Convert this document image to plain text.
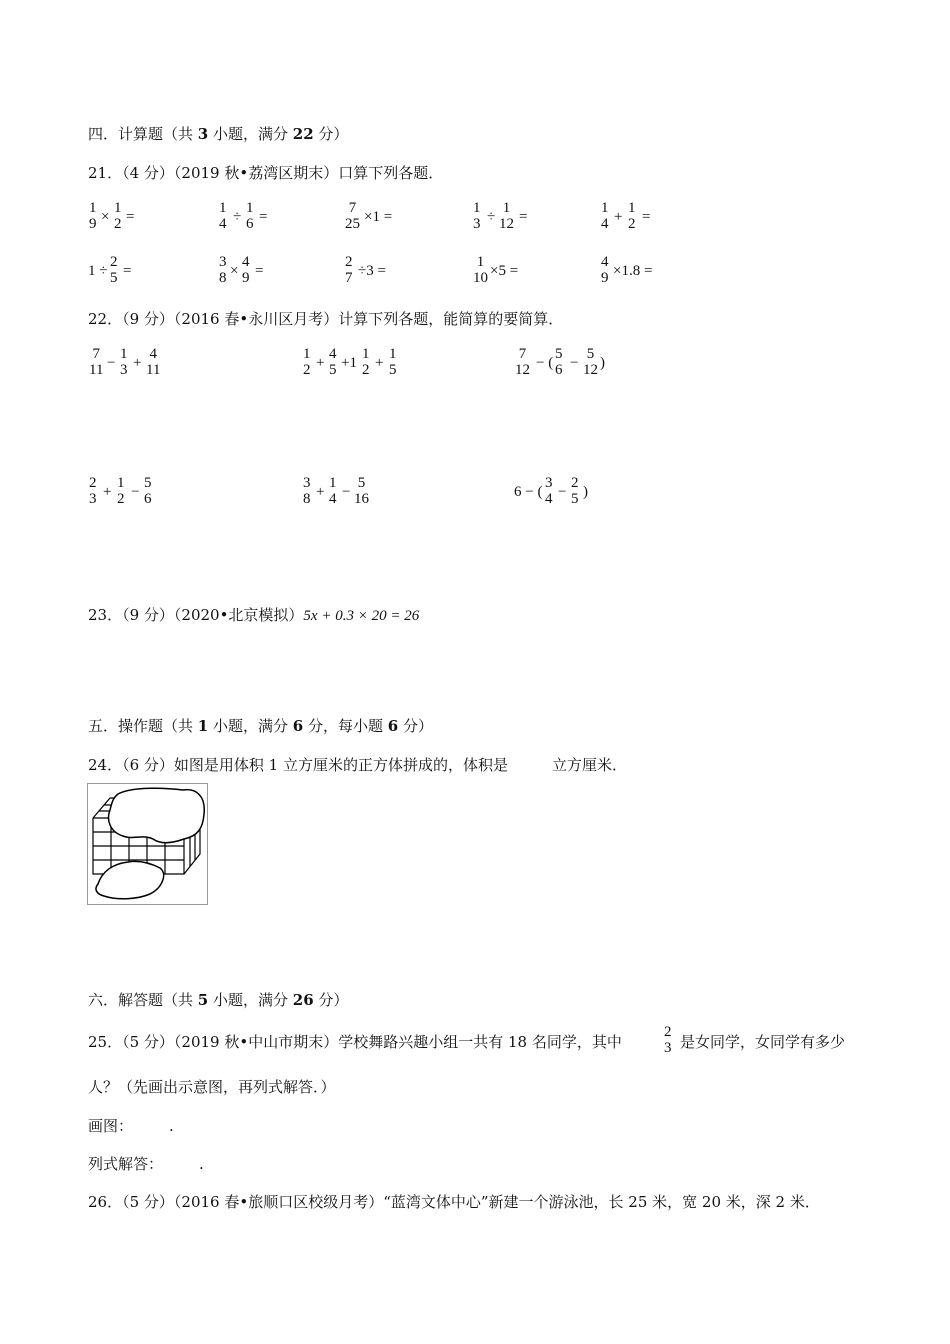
四．计算题（共 3 小题，满分 22 分）
21．（4 分）（2019 秋•荔湾区期末）口算下列各题．
1
9 ×
1
2 =
1
4 ÷
1
6 =
7
25 ×1 =
1
3 ÷
1
12 =
1
4 +
1
2 =
1 ÷
2
5 =
3
8 ×
4
9 =
2
7 ÷3 =
1
10 ×5 =
4
9 ×1.8 =
22．（9 分）（2016 春•永川区月考）计算下列各题，能简算的要简算．
7
11 −
1
3 +
4
11
1
2 +
4
5 +1
1
2 +
1
5
7
12 − (
5
6 −
5
12 )
2
3 +
1
2 −
5
6
3
8 +
1
4 −
5
16	6 − (
3
4 −
2
5 )
23．（9 分）（2020•北京模拟）5x + 0.3 × 20 = 26
五．操作题（共 1 小题，满分 6 分，每小题 6 分）
24．（6 分）如图是用体积 1 立方厘米的正方体拼成的，体积是	立方厘米．
六．解答题（共 5 小题，满分 26 分）
25．（5 分）（2019 秋•中山市期末）学校舞路兴趣小组一共有 18 名同学，其中
2
3 是女同学，女同学有多少
人？（先画出示意图，再列式解答．）
画图： .
列式解答： .
26．（5 分）（2016 春•旅顺口区校级月考）“蓝湾文体中心”新建一个游泳池，长 25 米，宽 20 米，深 2 米．
